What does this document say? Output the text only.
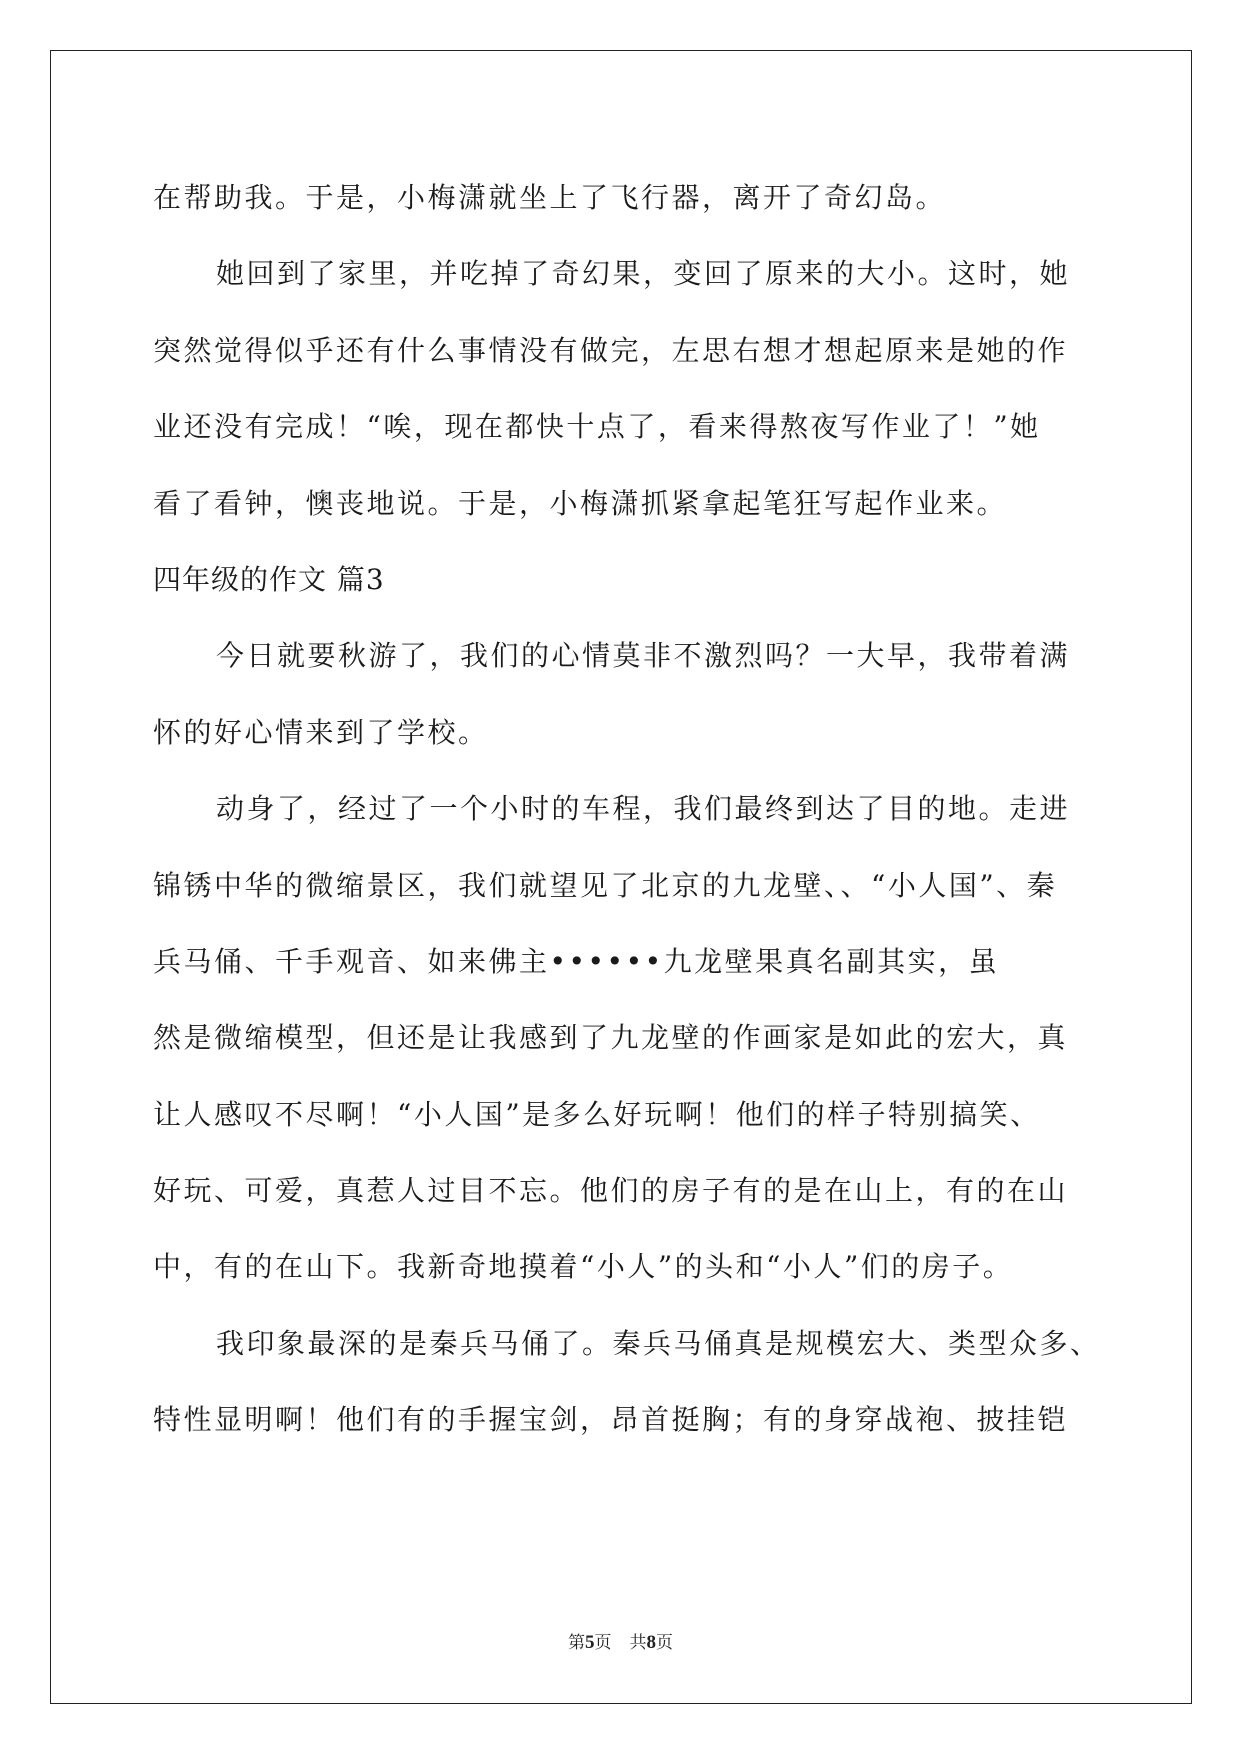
在帮助我。于是，小梅潇就坐上了飞行器，离开了奇幻岛。
她回到了家里，并吃掉了奇幻果，变回了原来的大小。这时，她
突然觉得似乎还有什么事情没有做完，左思右想才想起原来是她的作
业还没有完成！“唉，现在都快十点了，看来得熬夜写作业了！”她
看了看钟，懊丧地说。于是，小梅潇抓紧拿起笔狂写起作业来。
四年级的作文 篇3
今日就要秋游了，我们的心情莫非不激烈吗？一大早，我带着满
怀的好心情来到了学校。
动身了，经过了一个小时的车程，我们最终到达了目的地。走进
锦锈中华的微缩景区，我们就望见了北京的九龙壁、、“小人国”、秦
兵马俑、千手观音、如来佛主••••••九龙壁果真名副其实，虽
然是微缩模型，但还是让我感到了九龙壁的作画家是如此的宏大，真
让人感叹不尽啊！“小人国”是多么好玩啊！他们的样子特别搞笑、
好玩、可爱，真惹人过目不忘。他们的房子有的是在山上，有的在山
中，有的在山下。我新奇地摸着“小人”的头和“小人”们的房子。
我印象最深的是秦兵马俑了。秦兵马俑真是规模宏大、类型众多、
特性显明啊！他们有的手握宝剑，昂首挺胸；有的身穿战袍、披挂铠
第5页 共8页
